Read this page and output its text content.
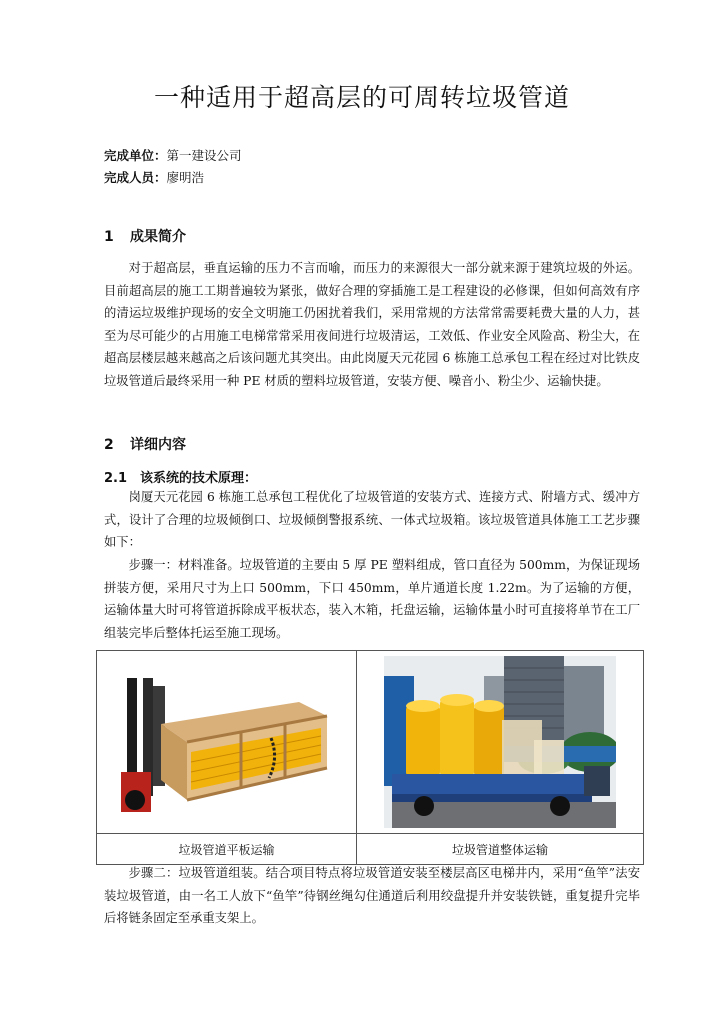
一种适用于超高层的可周转垃圾管道
完成单位：第一建设公司
完成人员：廖明浩
1 成果简介

对于超高层，垂直运输的压力不言而喻，而压力的来源很大一部分就来源于建筑垃圾的外运。目前超高层的施工工期普遍较为紧张，做好合理的穿插施工是工程建设的必修课，但如何高效有序的清运垃圾维护现场的安全文明施工仍困扰着我们，采用常规的方法常常需要耗费大量的人力，甚至为尽可能少的占用施工电梯常常采用夜间进行垃圾清运，工效低、作业安全风险高、粉尘大，在超高层楼层越来越高之后该问题尤其突出。由此岗厦天元花园 6 栋施工总承包工程在经过对比铁皮垃圾管道后最终采用一种 PE 材质的塑料垃圾管道，安装方便、噪音小、粉尘少、运输快捷。

2 详细内容
2.1 该系统的技术原理：

岗厦天元花园 6 栋施工总承包工程优化了垃圾管道的安装方式、连接方式、附墙方式、缓冲方式，设计了合理的垃圾倾倒口、垃圾倾倒警报系统、一体式垃圾箱。该垃圾管道具体施工工艺步骤如下：

步骤一：材料准备。垃圾管道的主要由 5 厚 PE 塑料组成，管口直径为 500mm，为保证现场拼装方便，采用尺寸为上口 500mm，下口 450mm，单片通道长度 1.22m。为了运输的方便，运输体量大时可将管道拆除成平板状态，装入木箱，托盘运输，运输体量小时可直接将单节在工厂组装完毕后整体托运至施工现场。

垃圾管道平板运输	垃圾管道整体运输

步骤二：垃圾管道组装。结合项目特点将垃圾管道安装至楼层高区电梯井内，采用“鱼竿”法安装垃圾管道，由一名工人放下“鱼竿”待钢丝绳勾住通道后利用绞盘提升并安装铁链，重复提升完毕后将链条固定至承重支架上。
